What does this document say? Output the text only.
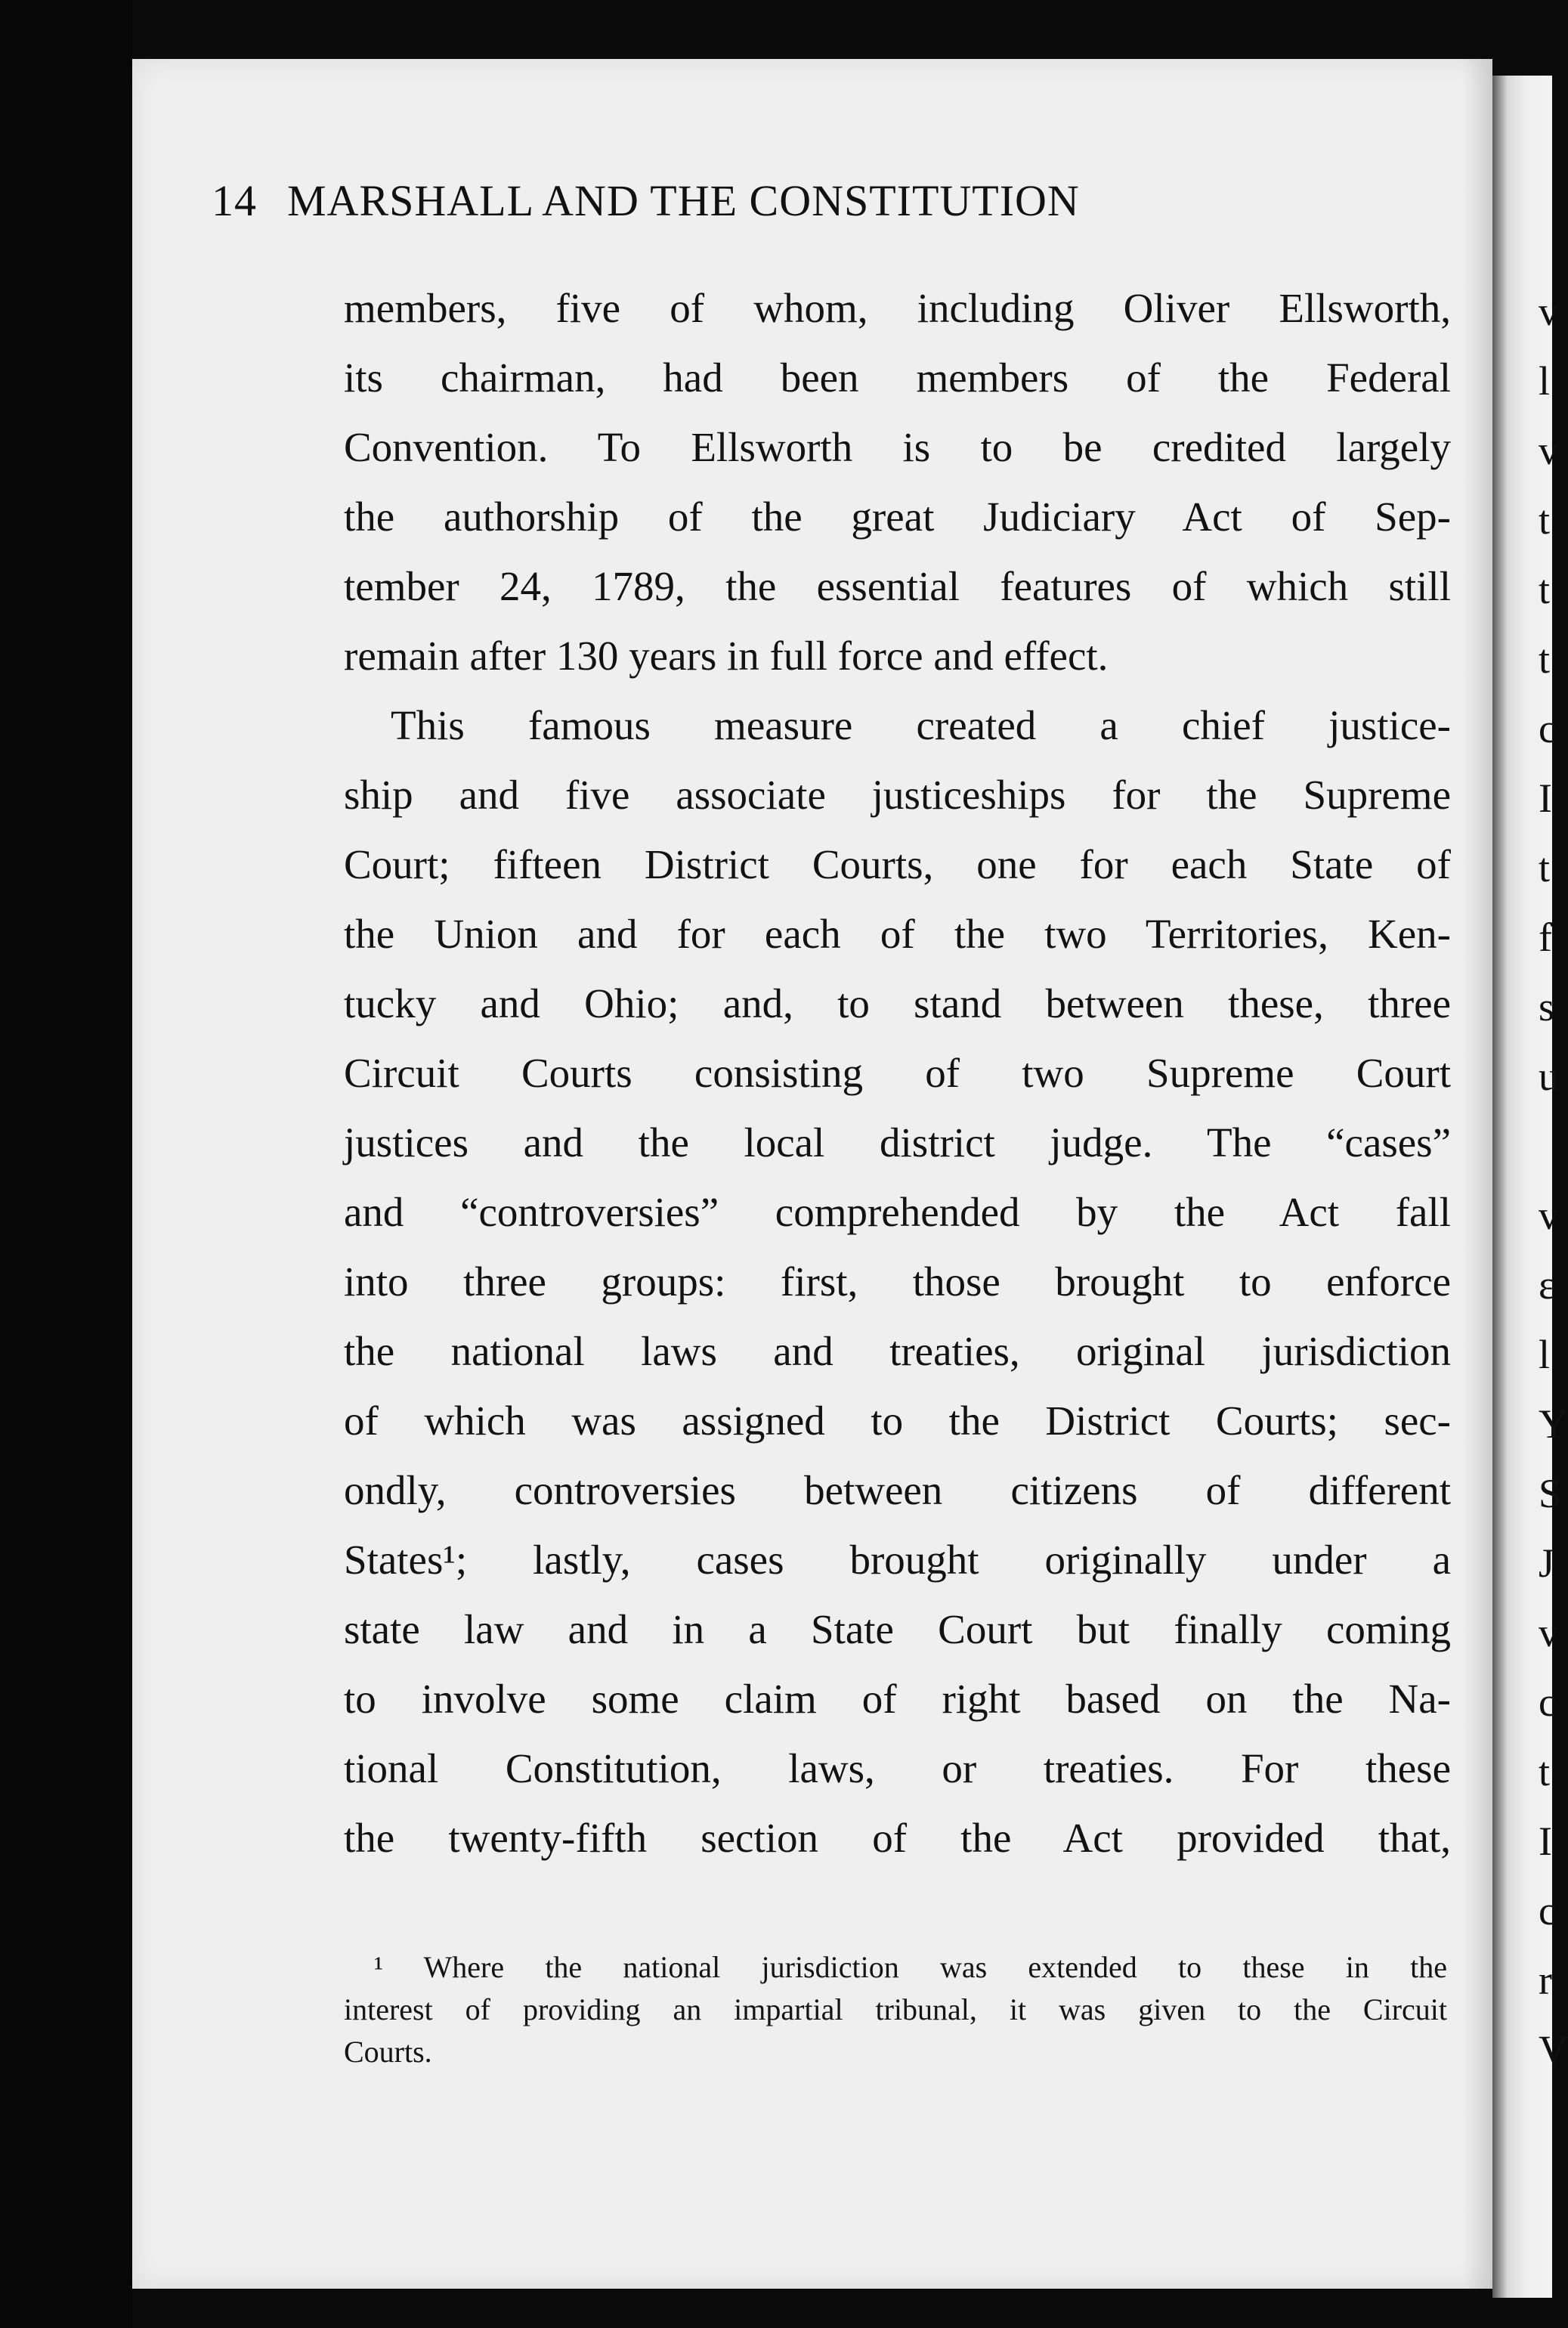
v
l
v
t
t
t
c
I
t
f
s
u
v
ε
l
Y
S
J
v
c
t
I
c
r
V
14 MARSHALL AND THE CONSTITUTION
members, five of whom, including Oliver Ellsworth,
its chairman, had been members of the Federal
Convention. To Ellsworth is to be credited largely
the authorship of the great Judiciary Act of Sep-
tember 24, 1789, the essential features of which still
remain after 130 years in full force and effect.
This famous measure created a chief justice-
ship and five associate justiceships for the Supreme
Court; fifteen District Courts, one for each State of
the Union and for each of the two Territories, Ken-
tucky and Ohio; and, to stand between these, three
Circuit Courts consisting of two Supreme Court
justices and the local district judge. The “cases”
and “controversies” comprehended by the Act fall
into three groups: first, those brought to enforce
the national laws and treaties, original jurisdiction
of which was assigned to the District Courts; sec-
ondly, controversies between citizens of different
States¹; lastly, cases brought originally under a
state law and in a State Court but finally coming
to involve some claim of right based on the Na-
tional Constitution, laws, or treaties. For these
the twenty-fifth section of the Act provided that,
¹ Where the national jurisdiction was extended to these in the
interest of providing an impartial tribunal, it was given to the Circuit
Courts.
